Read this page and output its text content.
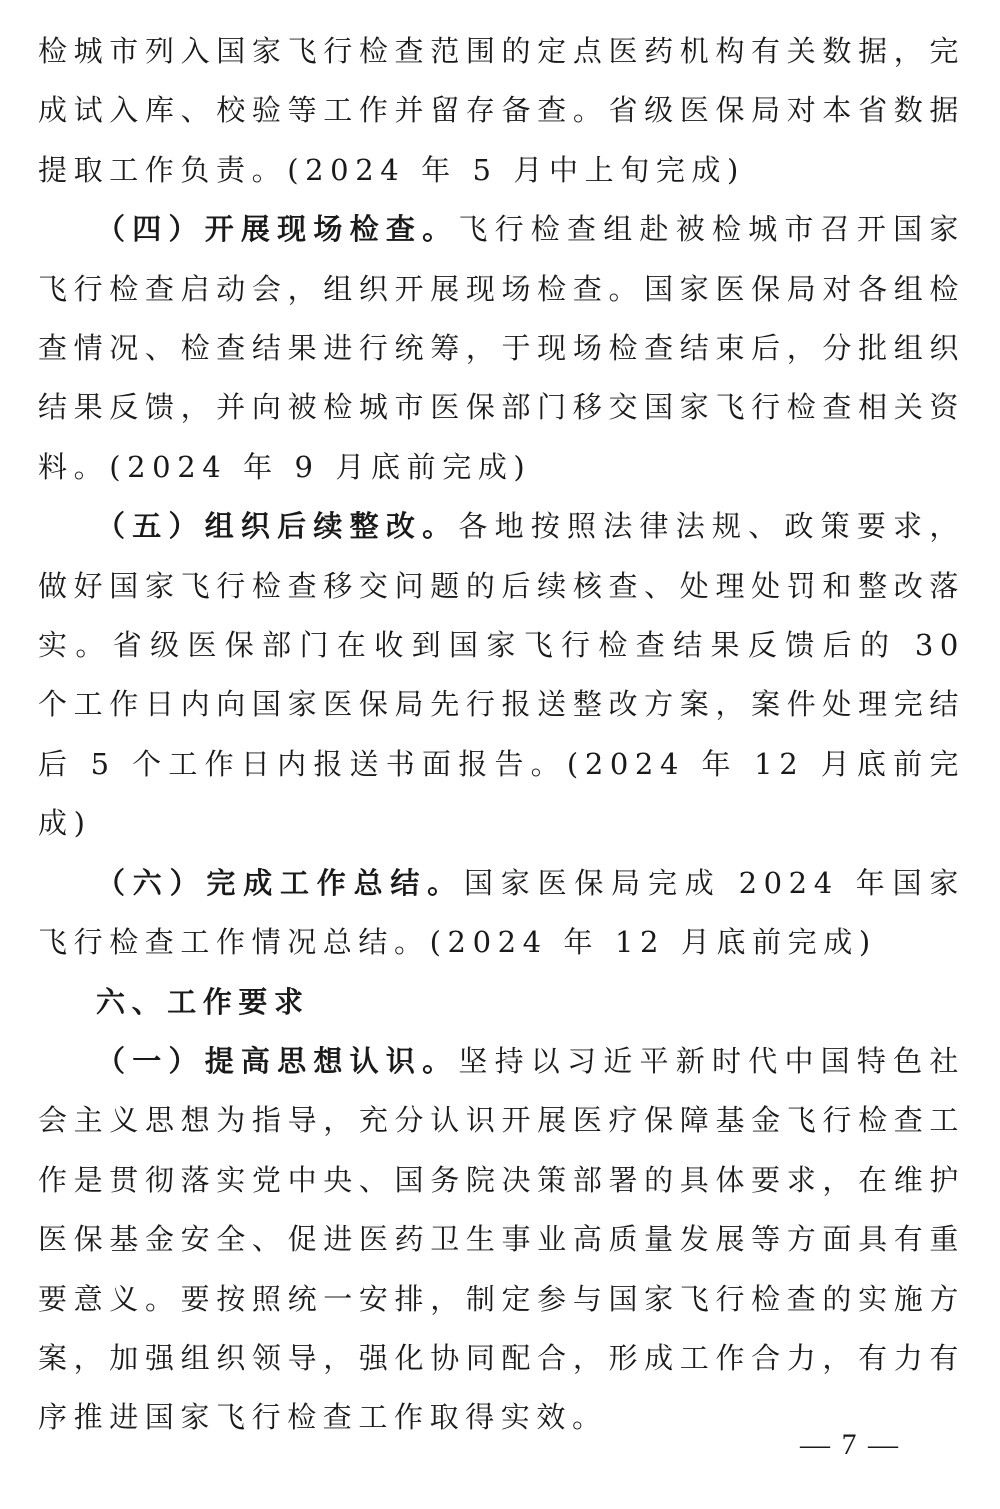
检城市列入国家飞行检查范围的定点医药机构有关数据，完成试入库、校验等工作并留存备查。省级医保局对本省数据提取工作负责。(2024 年 5 月中上旬完成)

（四）开展现场检查。飞行检查组赴被检城市召开国家飞行检查启动会，组织开展现场检查。国家医保局对各组检查情况、检查结果进行统筹，于现场检查结束后，分批组织结果反馈，并向被检城市医保部门移交国家飞行检查相关资料。(2024 年 9 月底前完成)

（五）组织后续整改。各地按照法律法规、政策要求，做好国家飞行检查移交问题的后续核查、处理处罚和整改落实。省级医保部门在收到国家飞行检查结果反馈后的 30 个工作日内向国家医保局先行报送整改方案，案件处理完结后 5 个工作日内报送书面报告。(2024 年 12 月底前完成)

（六）完成工作总结。国家医保局完成 2024 年国家飞行检查工作情况总结。(2024 年 12 月底前完成)

六、工作要求

（一）提高思想认识。坚持以习近平新时代中国特色社会主义思想为指导，充分认识开展医疗保障基金飞行检查工作是贯彻落实党中央、国务院决策部署的具体要求，在维护医保基金安全、促进医药卫生事业高质量发展等方面具有重要意义。要按照统一安排，制定参与国家飞行检查的实施方案，加强组织领导，强化协同配合，形成工作合力，有力有序推进国家飞行检查工作取得实效。

— 7 —
